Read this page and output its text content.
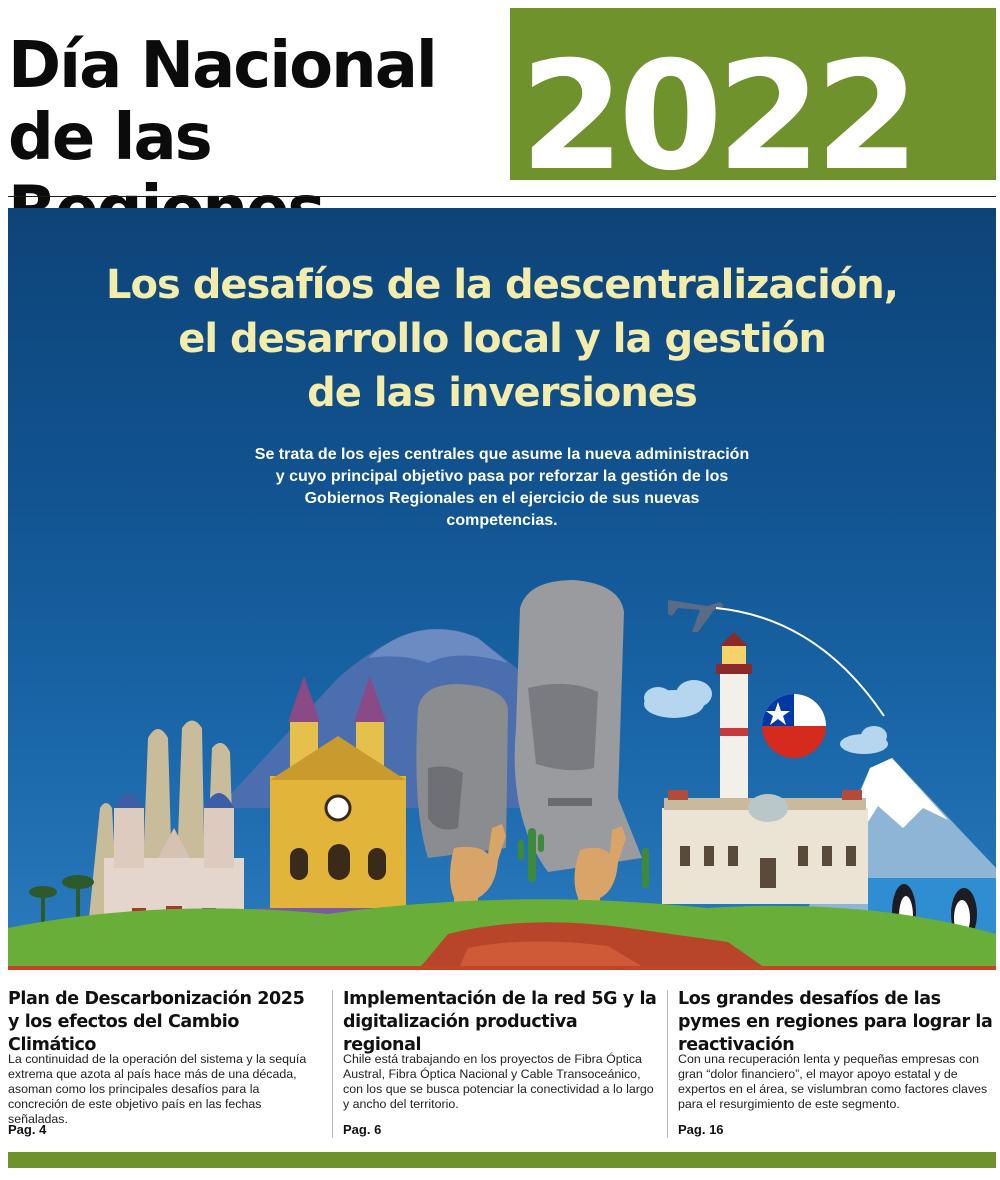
Día Nacional
de las	2022
Los desafíos de la descentralización,
el desarrollo local y la gestión
de las inversiones

Se trata de los ejes centrales que asume la nueva administración y cuyo principal objetivo pasa por reforzar la gestión de los Gobiernos Regionales en el ejercicio de sus nuevas competencias.

Plan de Descarbonización 2025 y los efectos del Cambio Climático

La continuidad de la operación del sistema y la sequía extrema que azota al país hace más de una década, asoman como los principales desafíos para la concreción de este objetivo país en las fechas señaladas.

Pag. 4
Implementación de la red 5G y la digitalización productiva regional

Chile está trabajando en los proyectos de Fibra Óptica Austral, Fibra Óptica Nacional y Cable Transoceánico, con los que se busca potenciar la conectividad a lo largo y ancho del territorio.

Pag. 6
Los grandes desafíos de las pymes en regiones para lograr la reactivación

Con una recuperación lenta y pequeñas empresas con gran “dolor financiero”, el mayor apoyo estatal y de expertos en el área, se vislumbran como factores claves para el resurgimiento de este segmento.

Pag. 16
